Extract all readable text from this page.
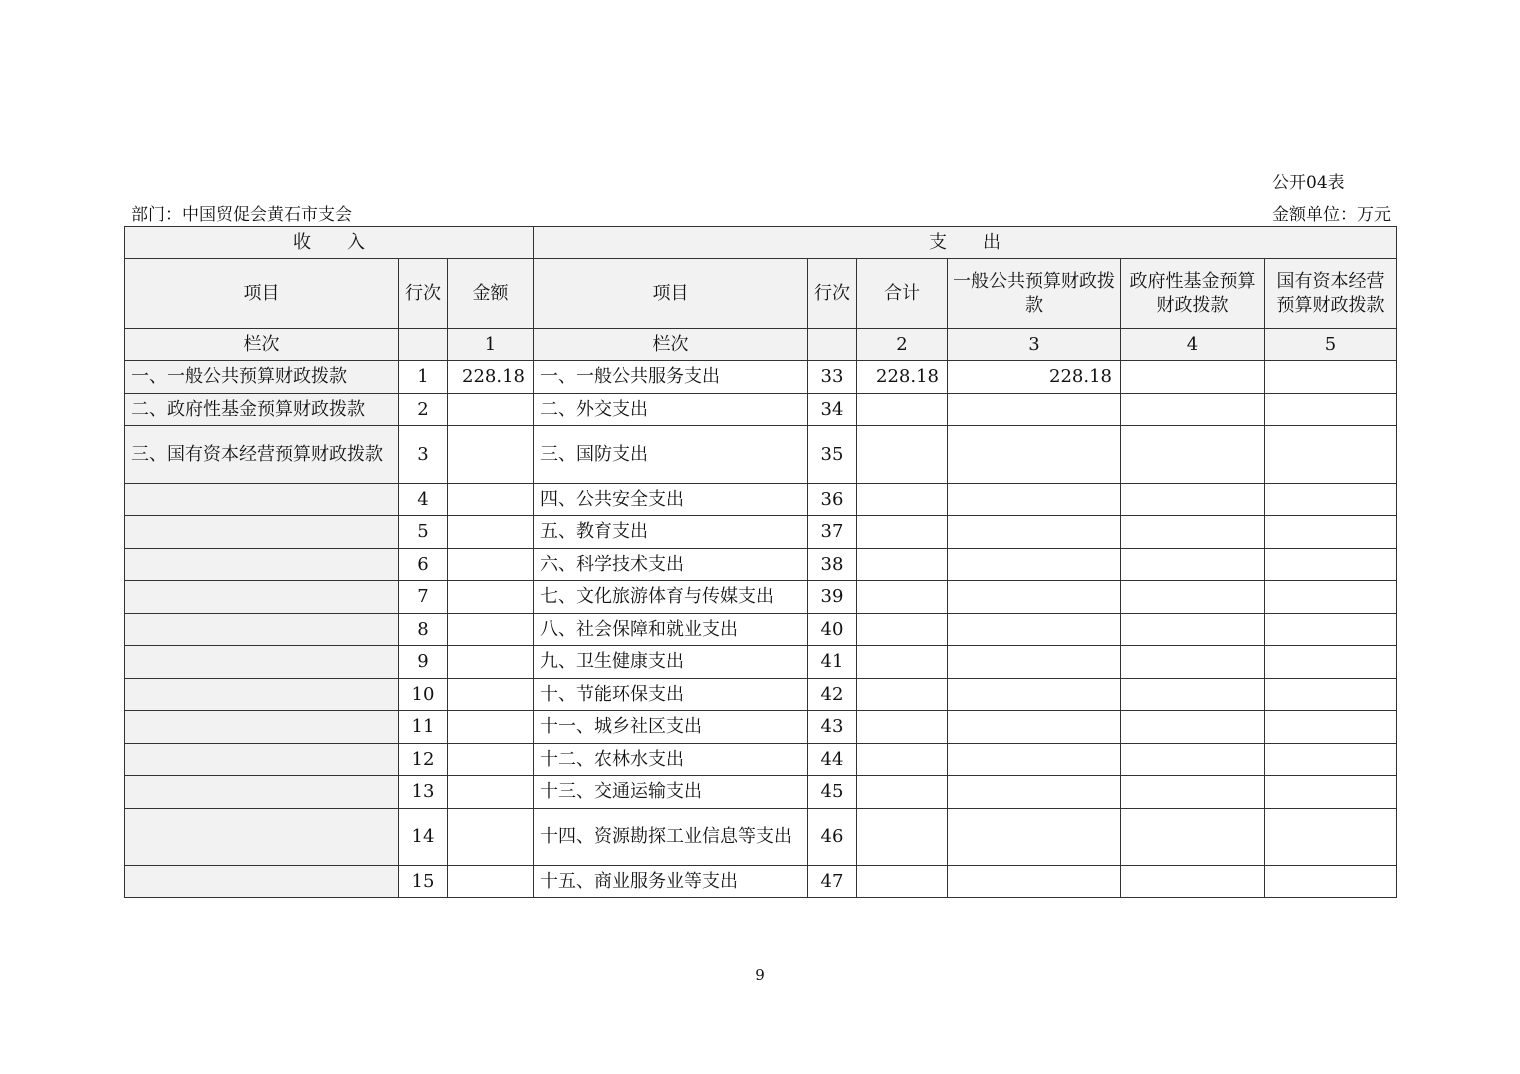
公开04表
部门：中国贸促会黄石市支会	金额单位：万元
收　　入			支　　出					
项目	行次	金额	项目	行次	合计	一般公共预算财政拨款	政府性基金预算财政拨款	国有资本经营预算财政拨款
栏次		1	栏次		2	3	4	5
一、一般公共预算财政拨款	1	228.18	一、一般公共服务支出	33	228.18	228.18		
二、政府性基金预算财政拨款	2		二、外交支出	34				
三、国有资本经营预算财政拨款	3		三、国防支出	35				
	4		四、公共安全支出	36				
	5		五、教育支出	37				
	6		六、科学技术支出	38				
	7		七、文化旅游体育与传媒支出	39				
	8		八、社会保障和就业支出	40				
	9		九、卫生健康支出	41				
	10		十、节能环保支出	42				
	11		十一、城乡社区支出	43				
	12		十二、农林水支出	44				
	13		十三、交通运输支出	45				
	14		十四、资源勘探工业信息等支出	46				
	15		十五、商业服务业等支出	47				
9
